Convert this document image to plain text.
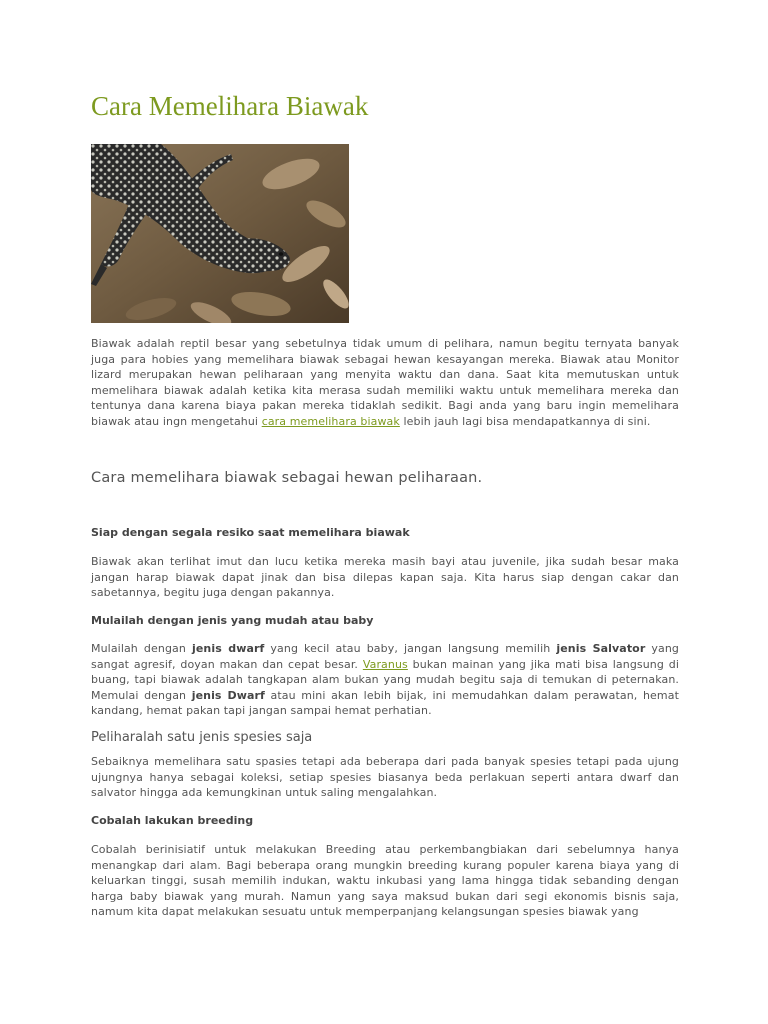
Cara Memelihara Biawak

Biawak adalah reptil besar yang sebetulnya tidak umum di pelihara, namun begitu ternyata banyak juga para hobies yang memelihara biawak sebagai hewan kesayangan mereka. Biawak atau Monitor lizard merupakan hewan peliharaan yang menyita waktu dan dana. Saat kita memutuskan untuk memelihara biawak adalah ketika kita merasa sudah memiliki waktu untuk memelihara mereka dan tentunya dana karena biaya pakan mereka tidaklah sedikit. Bagi anda yang baru ingin memelihara biawak atau ingn mengetahui cara memelihara biawak lebih jauh lagi bisa mendapatkannya di sini.

Cara memelihara biawak sebagai hewan peliharaan.
Siap dengan segala resiko saat memelihara biawak

Biawak akan terlihat imut dan lucu ketika mereka masih bayi atau juvenile, jika sudah besar maka jangan harap biawak dapat jinak dan bisa dilepas kapan saja. Kita harus siap dengan cakar dan sabetannya, begitu juga dengan pakannya.

Mulailah dengan jenis yang mudah atau baby

Mulailah dengan jenis dwarf yang kecil atau baby, jangan langsung memilih jenis Salvator yang sangat agresif, doyan makan dan cepat besar. Varanus bukan mainan yang jika mati bisa langsung di buang, tapi biawak adalah tangkapan alam bukan yang mudah begitu saja di temukan di peternakan. Memulai dengan jenis Dwarf atau mini akan lebih bijak, ini memudahkan dalam perawatan, hemat kandang, hemat pakan tapi jangan sampai hemat perhatian.

Peliharalah satu jenis spesies saja

Sebaiknya memelihara satu spasies tetapi ada beberapa dari pada banyak spesies tetapi pada ujung ujungnya hanya sebagai koleksi, setiap spesies biasanya beda perlakuan seperti antara dwarf dan salvator hingga ada kemungkinan untuk saling mengalahkan.

Cobalah lakukan breeding

Cobalah berinisiatif untuk melakukan Breeding atau perkembangbiakan dari sebelumnya hanya menangkap dari alam. Bagi beberapa orang mungkin breeding kurang populer karena biaya yang di keluarkan tinggi, susah memilih indukan, waktu inkubasi yang lama hingga tidak sebanding dengan harga baby biawak yang murah. Namun yang saya maksud bukan dari segi ekonomis bisnis saja, namum kita dapat melakukan sesuatu untuk memperpanjang kelangsungan spesies biawak yang
